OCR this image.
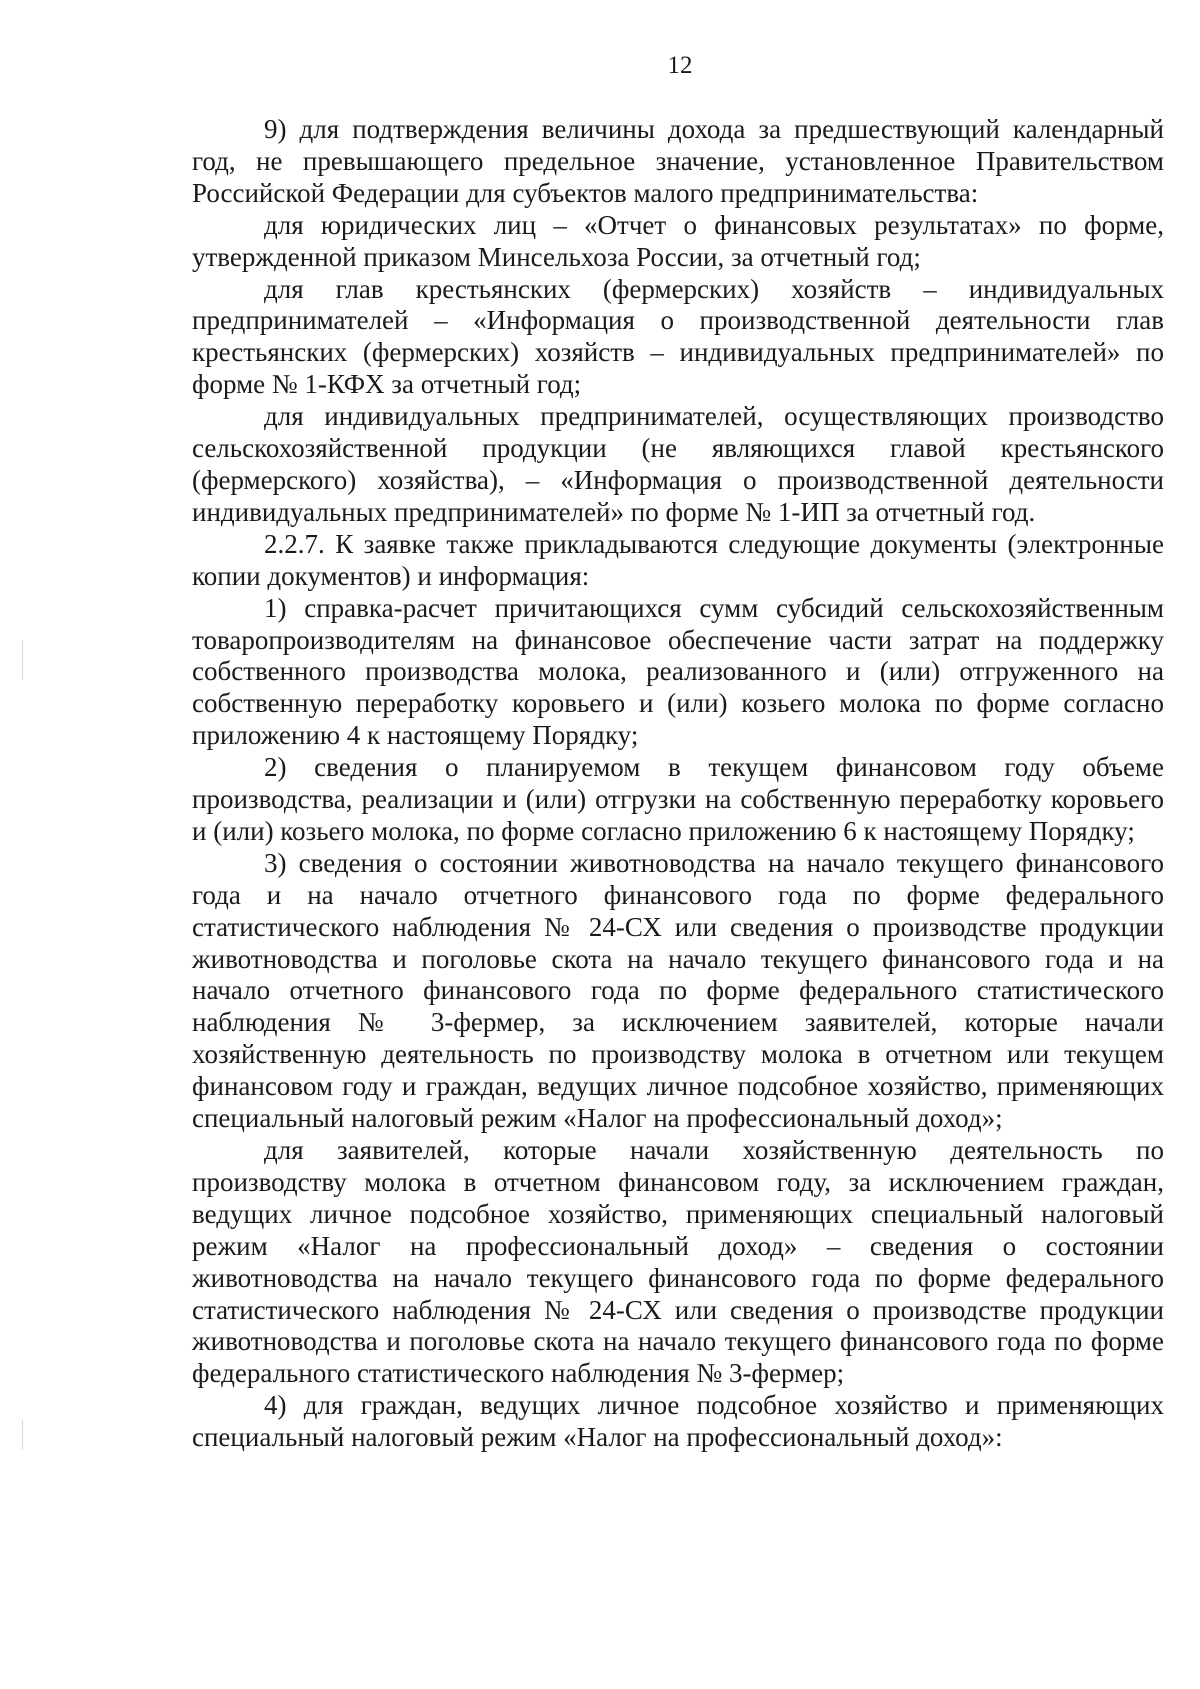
12

9) для подтверждения величины дохода за предшествующий календарный год, не превышающего предельное значение, установленное Правительством Российской Федерации для субъектов малого предпринимательства:

для юридических лиц – «Отчет о финансовых результатах» по форме, утвержденной приказом Минсельхоза России, за отчетный год;

для глав крестьянских (фермерских) хозяйств – индивидуальных предпринимателей – «Информация о производственной деятельности глав крестьянских (фермерских) хозяйств – индивидуальных предпринимателей» по форме № 1-КФХ за отчетный год;

для индивидуальных предпринимателей, осуществляющих производство сельскохозяйственной продукции (не являющихся главой крестьянского (фермерского) хозяйства), – «Информация о производственной деятельности индивидуальных предпринимателей» по форме № 1-ИП за отчетный год.

2.2.7. К заявке также прикладываются следующие документы (электронные копии документов) и информация:

1) справка-расчет причитающихся сумм субсидий сельскохозяйственным товаропроизводителям на финансовое обеспечение части затрат на поддержку собственного производства молока, реализованного и (или) отгруженного на собственную переработку коровьего и (или) козьего молока по форме согласно приложению 4 к настоящему Порядку;

2) сведения о планируемом в текущем финансовом году объеме производства, реализации и (или) отгрузки на собственную переработку коровьего и (или) козьего молока, по форме согласно приложению 6 к настоящему Порядку;

3) сведения о состоянии животноводства на начало текущего финансового года и на начало отчетного финансового года по форме федерального статистического наблюдения № 24-СХ или сведения о производстве продукции животноводства и поголовье скота на начало текущего финансового года и на начало отчетного финансового года по форме федерального статистического наблюдения № 3-фермер, за исключением заявителей, которые начали хозяйственную деятельность по производству молока в отчетном или текущем финансовом году и граждан, ведущих личное подсобное хозяйство, применяющих специальный налоговый режим «Налог на профессиональный доход»;

для заявителей, которые начали хозяйственную деятельность по производству молока в отчетном финансовом году, за исключением граждан, ведущих личное подсобное хозяйство, применяющих специальный налоговый режим «Налог на профессиональный доход» – сведения о состоянии животноводства на начало текущего финансового года по форме федерального статистического наблюдения № 24-СХ или сведения о производстве продукции животноводства и поголовье скота на начало текущего финансового года по форме федерального статистического наблюдения № 3-фермер;

4) для граждан, ведущих личное подсобное хозяйство и применяющих специальный налоговый режим «Налог на профессиональный доход»:
